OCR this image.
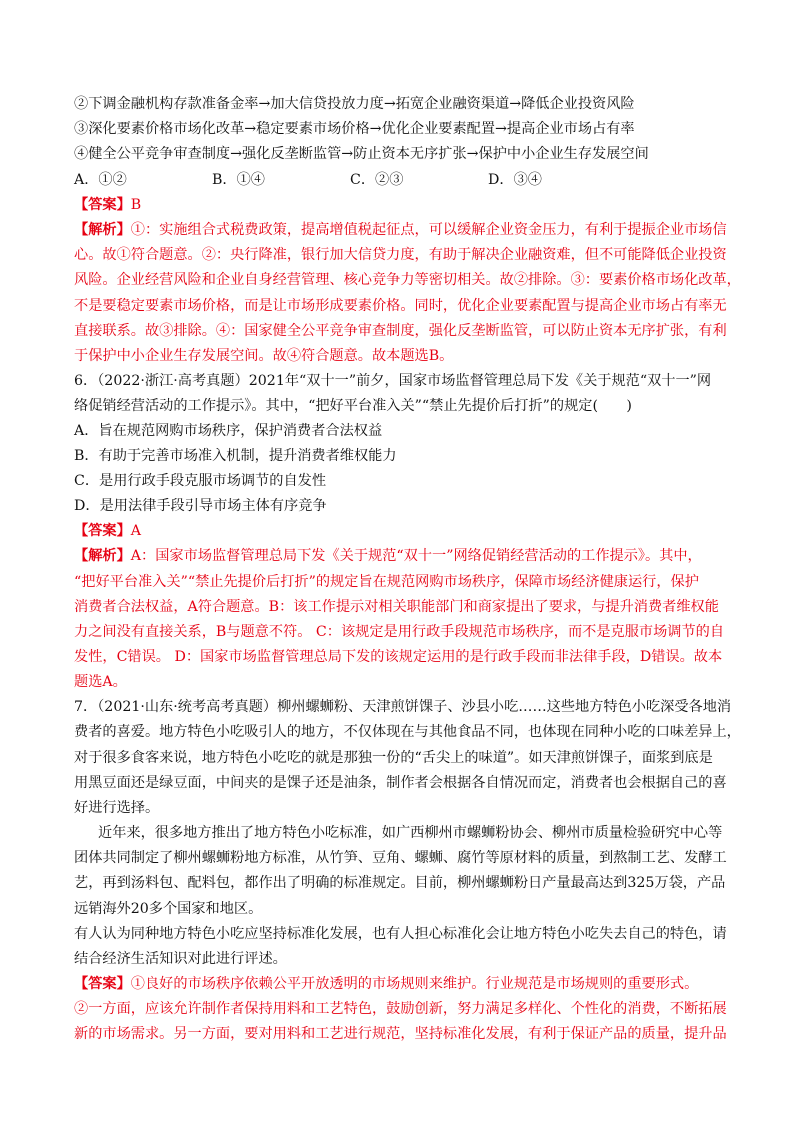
②下调金融机构存款准备金率→加大信贷投放力度→拓宽企业融资渠道→降低企业投资风险
③深化要素价格市场化改革→稳定要素市场价格→优化企业要素配置→提高企业市场占有率
④健全公平竞争审查制度→强化反垄断监管→防止资本无序扩张→保护中小企业生存发展空间
A．①②	B．①④	C．②③	D．③④
【答案】B
【解析】①：实施组合式税费政策，提高增值税起征点，可以缓解企业资金压力，有利于提振企业市场信
心。故①符合题意。②：央行降准，银行加大信贷力度，有助于解决企业融资难，但不可能降低企业投资
风险。企业经营风险和企业自身经营管理、核心竞争力等密切相关。故②排除。③：要素价格市场化改革，
不是要稳定要素市场价格，而是让市场形成要素价格。同时，优化企业要素配置与提高企业市场占有率无
直接联系。故③排除。④：国家健全公平竞争审查制度，强化反垄断监管，可以防止资本无序扩张，有利
于保护中小企业生存发展空间。故④符合题意。故本题选B。
6．（2022·浙江·高考真题）2021年“双十一”前夕，国家市场监督管理总局下发《关于规范“双十一”网
络促销经营活动的工作提示》。其中，“把好平台准入关”“禁止先提价后打折”的规定(　　)
A．旨在规范网购市场秩序，保护消费者合法权益
B．有助于完善市场准入机制，提升消费者维权能力
C．是用行政手段克服市场调节的自发性
D．是用法律手段引导市场主体有序竞争
【答案】A
【解析】A：国家市场监督管理总局下发《关于规范“双十一”网络促销经营活动的工作提示》。其中，
“把好平台准入关”“禁止先提价后打折”的规定旨在规范网购市场秩序，保障市场经济健康运行，保护
消费者合法权益，A符合题意。B：该工作提示对相关职能部门和商家提出了要求，与提升消费者维权能
力之间没有直接关系，B与题意不符。 C：该规定是用行政手段规范市场秩序，而不是克服市场调节的自
发性，C错误。 D：国家市场监督管理总局下发的该规定运用的是行政手段而非法律手段，D错误。故本
题选A。
7．（2021·山东·统考高考真题）柳州螺蛳粉、天津煎饼馃子、沙县小吃……这些地方特色小吃深受各地消
费者的喜爱。地方特色小吃吸引人的地方，不仅体现在与其他食品不同，也体现在同种小吃的口味差异上，
对于很多食客来说，地方特色小吃吃的就是那独一份的“舌尖上的味道”。如天津煎饼馃子，面浆到底是
用黑豆面还是绿豆面，中间夹的是馃子还是油条，制作者会根据各自情况而定，消费者也会根据自己的喜
好进行选择。
近年来，很多地方推出了地方特色小吃标准，如广西柳州市螺蛳粉协会、柳州市质量检验研究中心等
团体共同制定了柳州螺蛳粉地方标准，从竹笋、豆角、螺蛳、腐竹等原材料的质量，到熬制工艺、发酵工
艺，再到汤料包、配料包，都作出了明确的标准规定。目前，柳州螺蛳粉日产量最高达到325万袋，产品
远销海外20多个国家和地区。
有人认为同种地方特色小吃应坚持标准化发展，也有人担心标准化会让地方特色小吃失去自己的特色，请
结合经济生活知识对此进行评述。
【答案】①良好的市场秩序依赖公平开放透明的市场规则来维护。行业规范是市场规则的重要形式。
②一方面，应该允许制作者保持用料和工艺特色，鼓励创新，努力满足多样化、个性化的消费，不断拓展
新的市场需求。另一方面，要对用料和工艺进行规范，坚持标准化发展，有利于保证产品的质量，提升品
